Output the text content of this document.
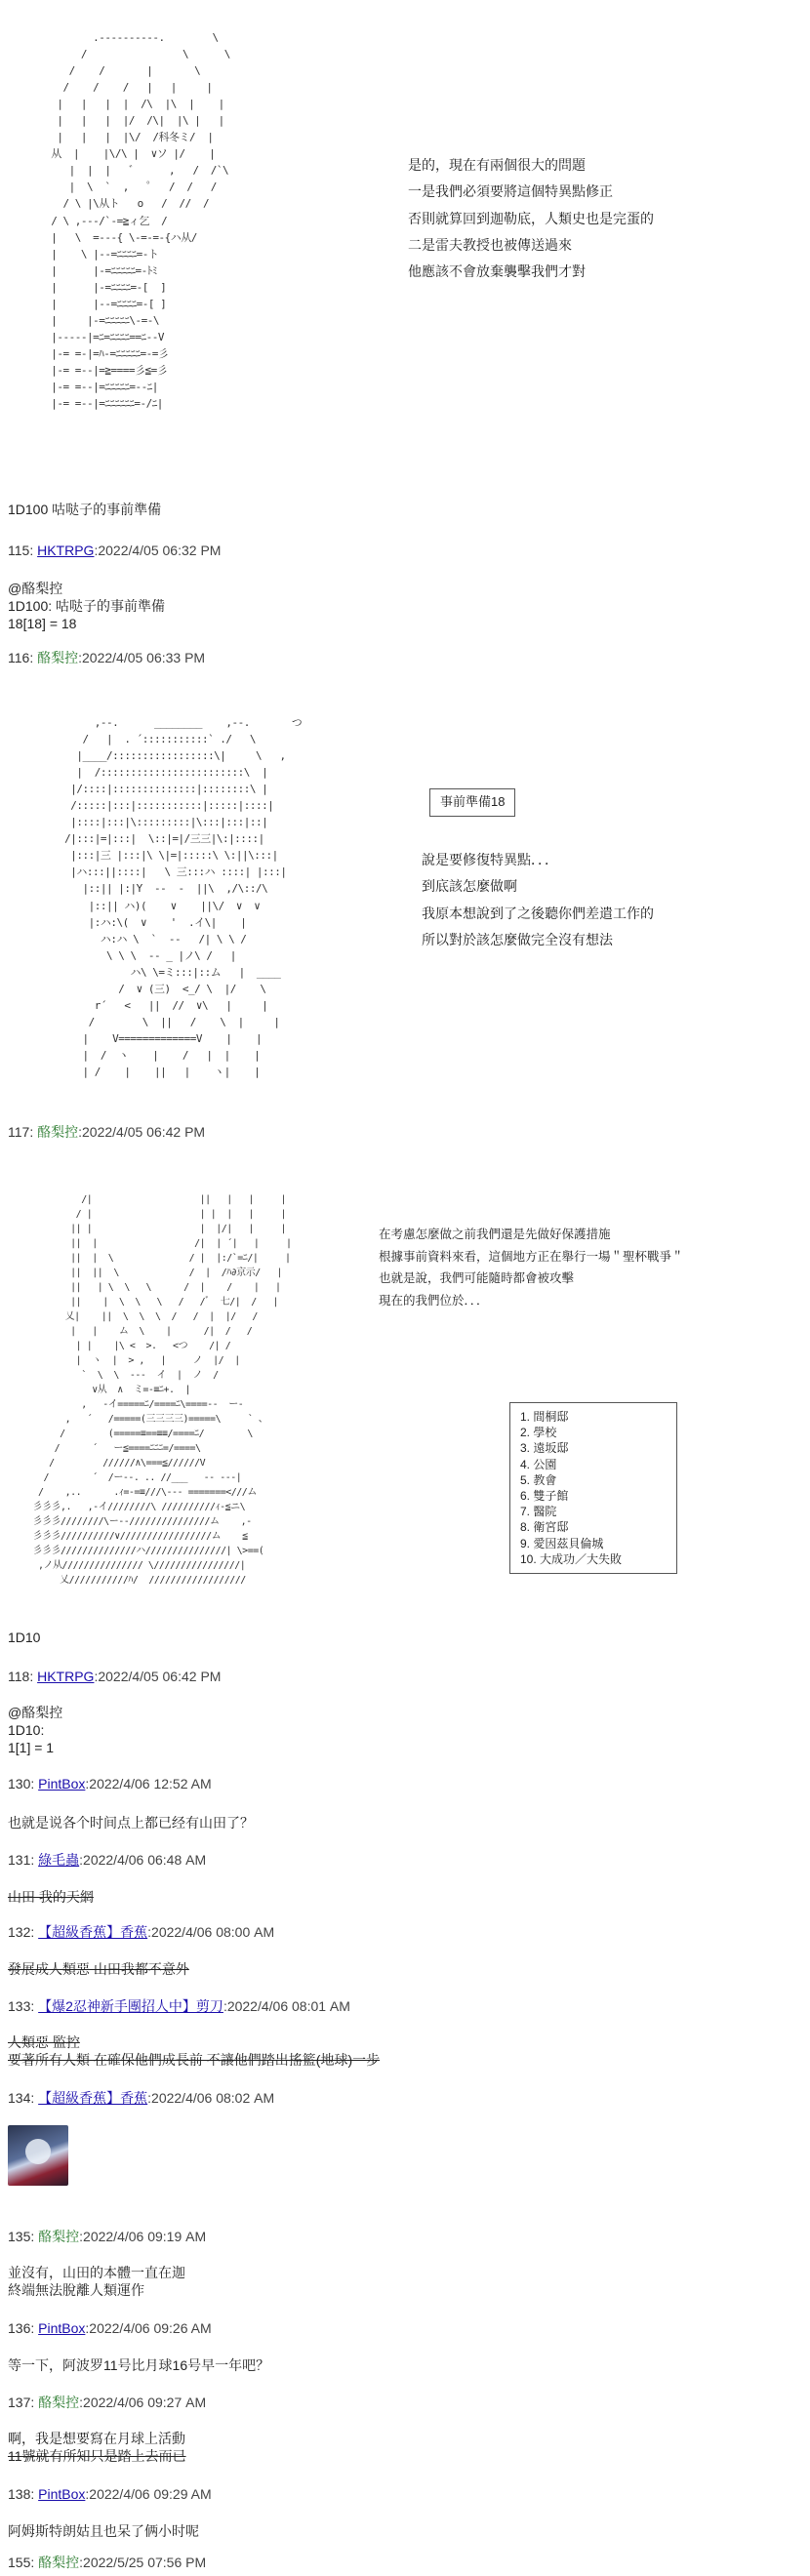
.----------.        \
/                \      \
/    /       |       \
/    /    /   |   |     |
|   |   |  |  /\  |\  |    |
|   |   |  |/  /\|  |\ |   |
|   |   |  |\/  /科冬ミ/  |
从  |    |\/\ |  ∨ソ |/    |
|  |  |   ゛     ,   /  /`\
|  \  `  ,   ゜  /  /   /
/ \ |\从ト   o   /  //  /
/ \ ,---/`-=≧ィ乞  /
|   \  =---{ \-=-=-{ハ从/
|    \ |--=ﾆﾆﾆﾆ=-ト
|      |-=ﾆﾆﾆﾆﾆ=-ﾄﾐ
|      |-=ﾆﾆﾆﾆ=-[  ]
|      |--=ﾆﾆﾆﾆ=-[ ]
|     |-=ﾆﾆﾆﾆﾆ\-=-\
|-----|=ﾆ=ﾆﾆﾆﾆ==ﾆ--V
|-= =-|=ﾊ-=ﾆﾆﾆﾆﾆ=-=彡
|-= =--|=≧====彡≦=彡
|-= =--|=ﾆﾆﾆﾆﾆ=--ﾆ|
|-= =--|=ﾆﾆﾆﾆﾆﾆ=-/ﾆ|

是的，現在有兩個很大的問題

一是我們必須要將這個特異點修正

否則就算回到迦勒底，人類史也是完蛋的

二是雷夫教授也被傳送過來

他應該不會放棄襲擊我們才對

1D100 咕哒子的事前準備
115: HKTRPG:2022/4/05 06:32 PM
@酪梨控
1D100: 咕哒子的事前準備
18[18] = 18
116: 酪梨控:2022/4/05 06:33 PM
,--.      ________    ,--.       つ
/   |  . ´:::::::::::` ./   \
|____/:::::::::::::::::\|     \   ,
|  /::::::::::::::::::::::::\  |
|/::::|::::::::::::::|::::::::\ |
/:::::|:::|:::::::::::|:::::|::::|
|::::|:::|\:::::::::|\:::|:::|::|
/|:::|=|:::|  \::|=|/三三|\:|::::|
|:::|三 |:::|\ \|=|:::::\ \:||\:::|
|ハ:::||::::|   \ 三:::ハ ::::| |:::|
|::|| |:|Y  --  -  ||\  ,/\::/\
|::|| ハ)(    ∨    ||\/  ∨  ∨
|:ハ:\(  ∨    '  .イ\|    |
ハ:ハ \  `  --   /| \ \ /
\ \ \  -- _ |ノ\ /   |
ハ\ \=ミ:::|::ム   |  ____
/  ∨ (三)  <_/ \  |/    \
r´   <   ||  //  ∨\   |     |
/        \  ||   /    \  |     |
|    V=============V    |    |
|  /  ヽ    |    /   |  |    |
| /    |    ||   |    ヽ|    |
事前準備18

說是要修復特異點．．．

到底該怎麼做啊

我原本想說到了之後聽你們差遣工作的

所以對於該怎麼做完全沒有想法

117: 酪梨控:2022/4/05 06:42 PM
/|                    ||   |   |     |
/ |                    | |  |   |     |
|| |                    |  |/|   |     |
||  |                  /|  | ´|   |     |
||  |  \              / |  |:/`=ﾆ/|     |
||  ||  \             /  |  /ﾊ∂京示/   |
||   | \  \   \      /  |    /    |   |
||    |  \  \   \   /   /ﾞ  七/|  /   |
乂|    ||  \  \  \  /   /  |  |/   /
|   |    ム  \    |      /|  /   /
| |    |\ <  >.   <つ    /| /
|  ヽ  |  > ,   |     ノ  |/  |
`  \  \  ---  イ  |  ノ  /
∨从  ∧  ミ=-≡ﾆ+.  |
,   -イ=====ﾆ/====ﾆ\====--  ー-
,   ´   /=====(三三三三)=====\     ` 、
/        (=====≡==≡≡/====ﾆ/        \
/      ´   ー≦====ﾆﾆﾆ=/====\
/         //////∧\===≦//////V
/        ´  /ー--. .. //___   -- ---|
/    ,..      .ｨ=-=≡///\--- =======<///ム
彡彡彡,.   ,-イ////////\ //////////ｨ-≦ニ\
彡彡彡////////\ー--///////////////ム    ,-
彡彡彡//////////∨/////////////////ム    ≦
彡彡彡//////////////ハ///////////////| \>==(
,ノ从/////////////// \////////////////|
乂///////////ﾊ/  //////////////////

在考慮怎麼做之前我們還是先做好保護措施

根據事前資料來看，這個地方正在舉行一場＂聖杯戰爭＂

也就是說，我們可能隨時都會被攻擊

現在的我們位於．．．

1. 間桐邸
2. 學校
3. 遠坂邸
4. 公園
5. 教會
6. 雙子館
7. 醫院
8. 衛宮邸
9. 愛因茲貝倫城
10. 大成功／大失敗
1D10
118: HKTRPG:2022/4/05 06:42 PM
@酪梨控
1D10:
1[1] = 1
130: PintBox:2022/4/06 12:52 AM
也就是说各个时间点上都已经有山田了？
131: 綠毛蟲:2022/4/06 06:48 AM
山田 我的天網
132: 【超級香蕉】香蕉:2022/4/06 08:00 AM
發展成人類惡 山田我都不意外
133: 【爆2忍神新手團招人中】剪刀:2022/4/06 08:01 AM
人類惡 監控
要著所有人類 在確保他們成長前 不讓他們踏出搖籃(地球)一步
134: 【超級香蕉】香蕉:2022/4/06 08:02 AM
135: 酪梨控:2022/4/06 09:19 AM
並沒有，山田的本體一直在迦
終端無法脫離人類運作
136: PintBox:2022/4/06 09:26 AM
等一下，阿波罗11号比月球16号早一年吧？
137: 酪梨控:2022/4/06 09:27 AM
啊，我是想要寫在月球上活動
11號就有所知只是踏上去而已
138: PintBox:2022/4/06 09:29 AM
阿姆斯特朗姑且也呆了俩小时呢
155: 酪梨控:2022/5/25 07:56 PM
